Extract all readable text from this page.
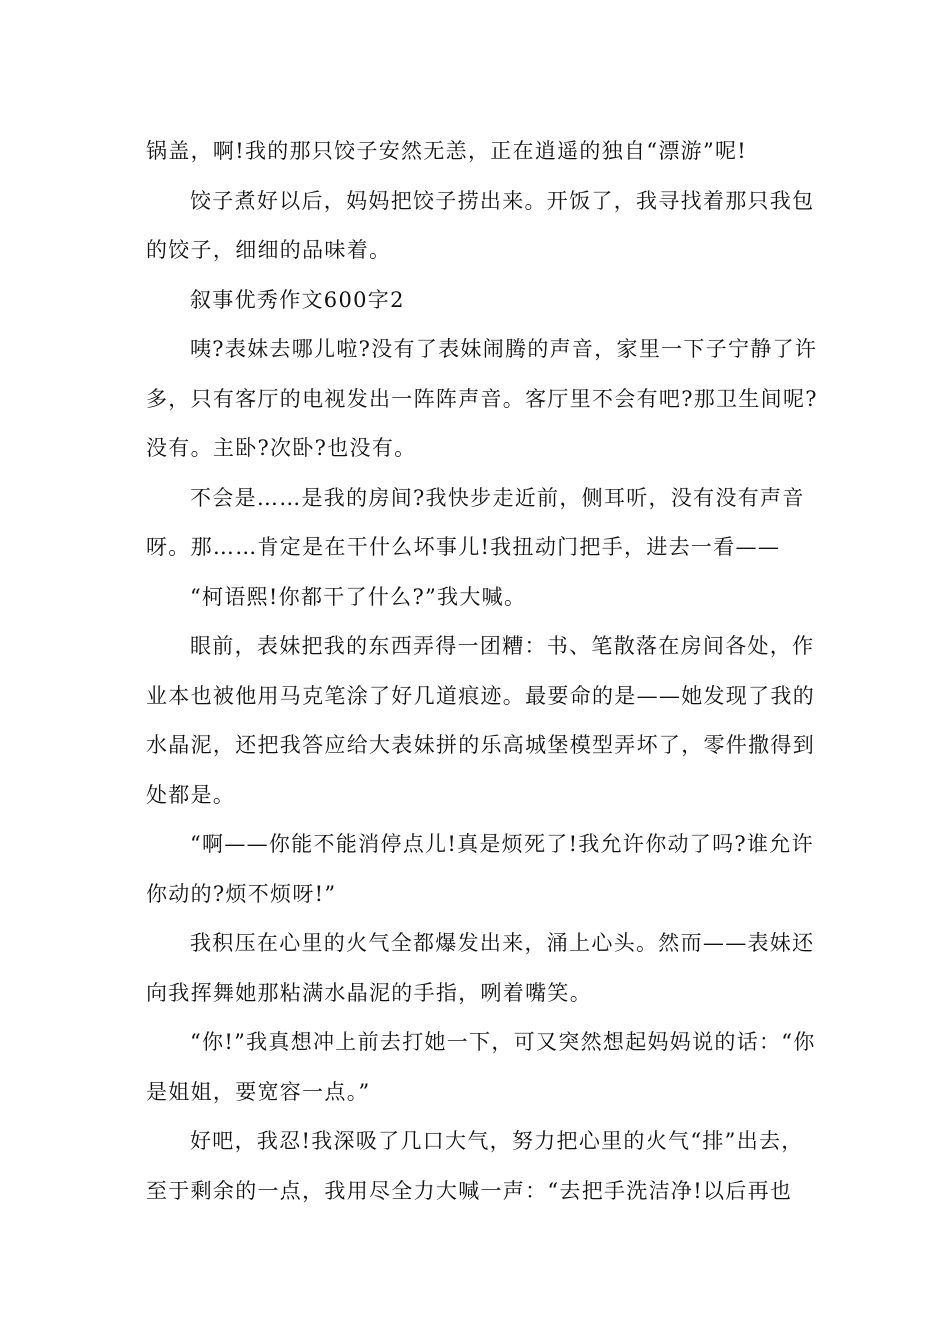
锅盖，啊!我的那只饺子安然无恙，正在逍遥的独自“漂游”呢!

饺子煮好以后，妈妈把饺子捞出来。开饭了，我寻找着那只我包的饺子，细细的品味着。

叙事优秀作文600字2

咦?表妹去哪儿啦?没有了表妹闹腾的声音，家里一下子宁静了许多，只有客厅的电视发出一阵阵声音。客厅里不会有吧?那卫生间呢?没有。主卧?次卧?也没有。

不会是……是我的房间?我快步走近前，侧耳听，没有没有声音呀。那……肯定是在干什么坏事儿!我扭动门把手，进去一看——

“柯语熙!你都干了什么?”我大喊。

眼前，表妹把我的东西弄得一团糟：书、笔散落在房间各处，作业本也被他用马克笔涂了好几道痕迹。最要命的是——她发现了我的水晶泥，还把我答应给大表妹拼的乐高城堡模型弄坏了，零件撒得到处都是。

“啊——你能不能消停点儿!真是烦死了!我允许你动了吗?谁允许你动的?烦不烦呀!”

我积压在心里的火气全都爆发出来，涌上心头。然而——表妹还向我挥舞她那粘满水晶泥的手指，咧着嘴笑。

“你!”我真想冲上前去打她一下，可又突然想起妈妈说的话：“你是姐姐，要宽容一点。”

好吧，我忍!我深吸了几口大气，努力把心里的火气“排”出去，至于剩余的一点，我用尽全力大喊一声：“去把手洗洁净!以后再也
